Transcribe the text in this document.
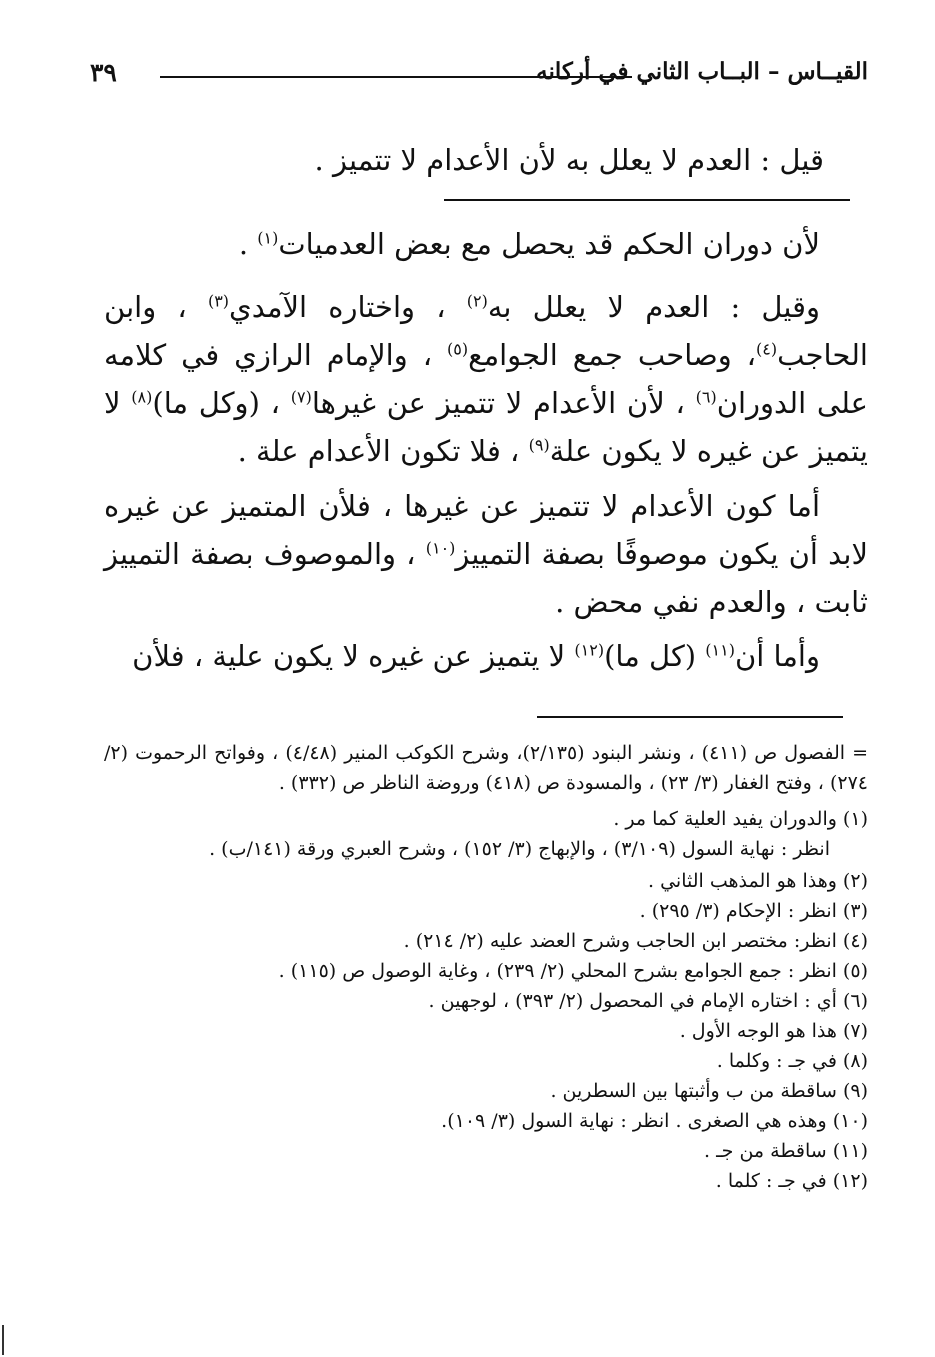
٣٩	القيــاس – البــاب الثاني في أركانه

قيل : العدم لا يعلل به لأن الأعدام لا تتميز .

لأن دوران الحكم قد يحصل مع بعض العدميات$^{(١)}$ .

وقيل : العدم لا يعلل به$^{(٢)}$ ، واختاره الآمدي$^{(٣)}$ ، وابن الحاجب$^{(٤)}$، وصاحب جمع الجوامع$^{(٥)}$ ، والإمام الرازي في كلامه على الدوران$^{(٦)}$ ، لأن الأعدام لا تتميز عن غيرها$^{(٧)}$ ، (وكل ما)$^{(٨)}$ لا يتميز عن غيره لا يكون علة$^{(٩)}$ ، فلا تكون الأعدام علة .

أما كون الأعدام لا تتميز عن غيرها ، فلأن المتميز عن غيره لابد أن يكون موصوفًا بصفة التمييز$^{(١٠)}$ ، والموصوف بصفة التمييز ثابت ، والعدم نفي محض .

وأما أن$^{(١١)}$ (كل ما)$^{(١٢)}$ لا يتميز عن غيره لا يكون علية ، فلأن

= الفصول ص (٤١١) ، ونشر البنود (٢/١٣٥)، وشرح الكوكب المنير (٤/٤٨) ، وفواتح الرحموت (٢/ ٢٧٤) ، وفتح الغفار (٣/ ٢٣) ، والمسودة ص (٤١٨) وروضة الناظر ص (٣٣٢) .

(١) والدوران يفيد العلية كما مر .

انظر : نهاية السول (٣/١٠٩) ، والإبهاج (٣/ ١٥٢) ، وشرح العبري ورقة (١٤١/ب) .

(٢) وهذا هو المذهب الثاني .

(٣) انظر : الإحكام (٣/ ٢٩٥) .

(٤) انظر: مختصر ابن الحاجب وشرح العضد عليه (٢/ ٢١٤) .

(٥) انظر : جمع الجوامع بشرح المحلي (٢/ ٢٣٩) ، وغاية الوصول ص (١١٥) .

(٦) أي : اختاره الإمام في المحصول (٢/ ٣٩٣) ، لوجهين .

(٧) هذا هو الوجه الأول .

(٨) في جـ : وكلما .

(٩) ساقطة من ب وأثبتها بين السطرين .

(١٠) وهذه هي الصغرى . انظر : نهاية السول (٣/ ١٠٩).

(١١) ساقطة من جـ .

(١٢) في جـ : كلما .
